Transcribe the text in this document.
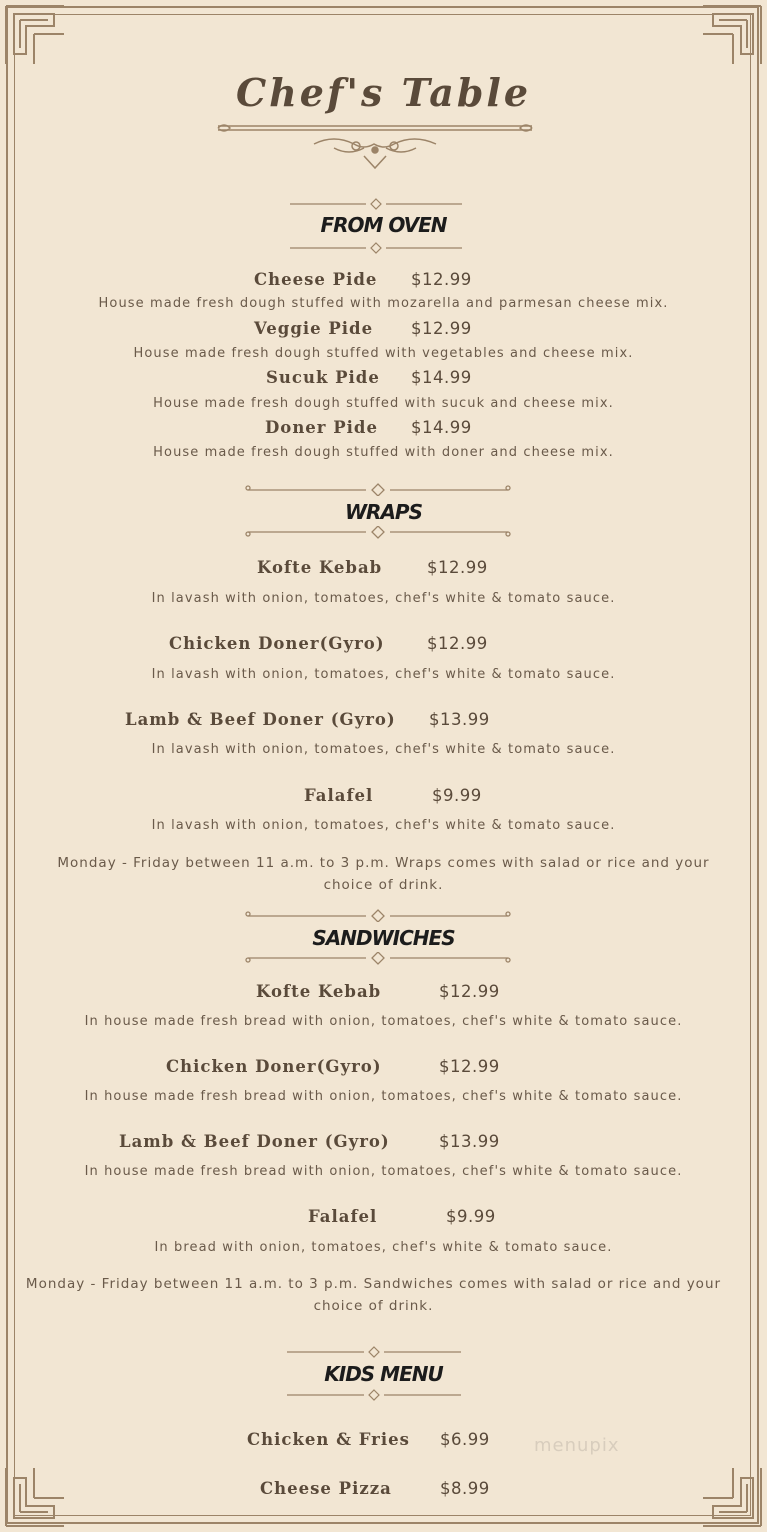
Chef's Table
FROM OVEN
Cheese Pide $12.99
House made fresh dough stuffed with mozarella and parmesan cheese mix.
Veggie Pide $12.99
House made fresh dough stuffed with vegetables and cheese mix.
Sucuk Pide $14.99
House made fresh dough stuffed with sucuk and cheese mix.
Doner Pide $14.99
House made fresh dough stuffed with doner and cheese mix.
WRAPS
Kofte Kebab	$12.99
In lavash with onion, tomatoes, chef's white & tomato sauce.
Chicken Doner(Gyro)	$12.99
In lavash with onion, tomatoes, chef's white & tomato sauce.
Lamb & Beef Doner (Gyro) $13.99
In lavash with onion, tomatoes, chef's white & tomato sauce.
Falafel	$9.99
In lavash with onion, tomatoes, chef's white & tomato sauce.
Monday - Friday between 11 a.m. to 3 p.m. Wraps comes with salad or rice and your choice of drink.
SANDWICHES
Kofte Kebab	$12.99
In house made fresh bread with onion, tomatoes, chef's white & tomato sauce.
Chicken Doner(Gyro)	$12.99
In house made fresh bread with onion, tomatoes, chef's white & tomato sauce.
Lamb & Beef Doner (Gyro)	$13.99
In house made fresh bread with onion, tomatoes, chef's white & tomato sauce.
Falafel	$9.99
In bread with onion, tomatoes, chef's white & tomato sauce.
Monday - Friday between 11 a.m. to 3 p.m. Sandwiches comes with salad or rice and your choice of drink.
KIDS MENU
Chicken & Fries $6.99
Cheese Pizza	$8.99
menupix
